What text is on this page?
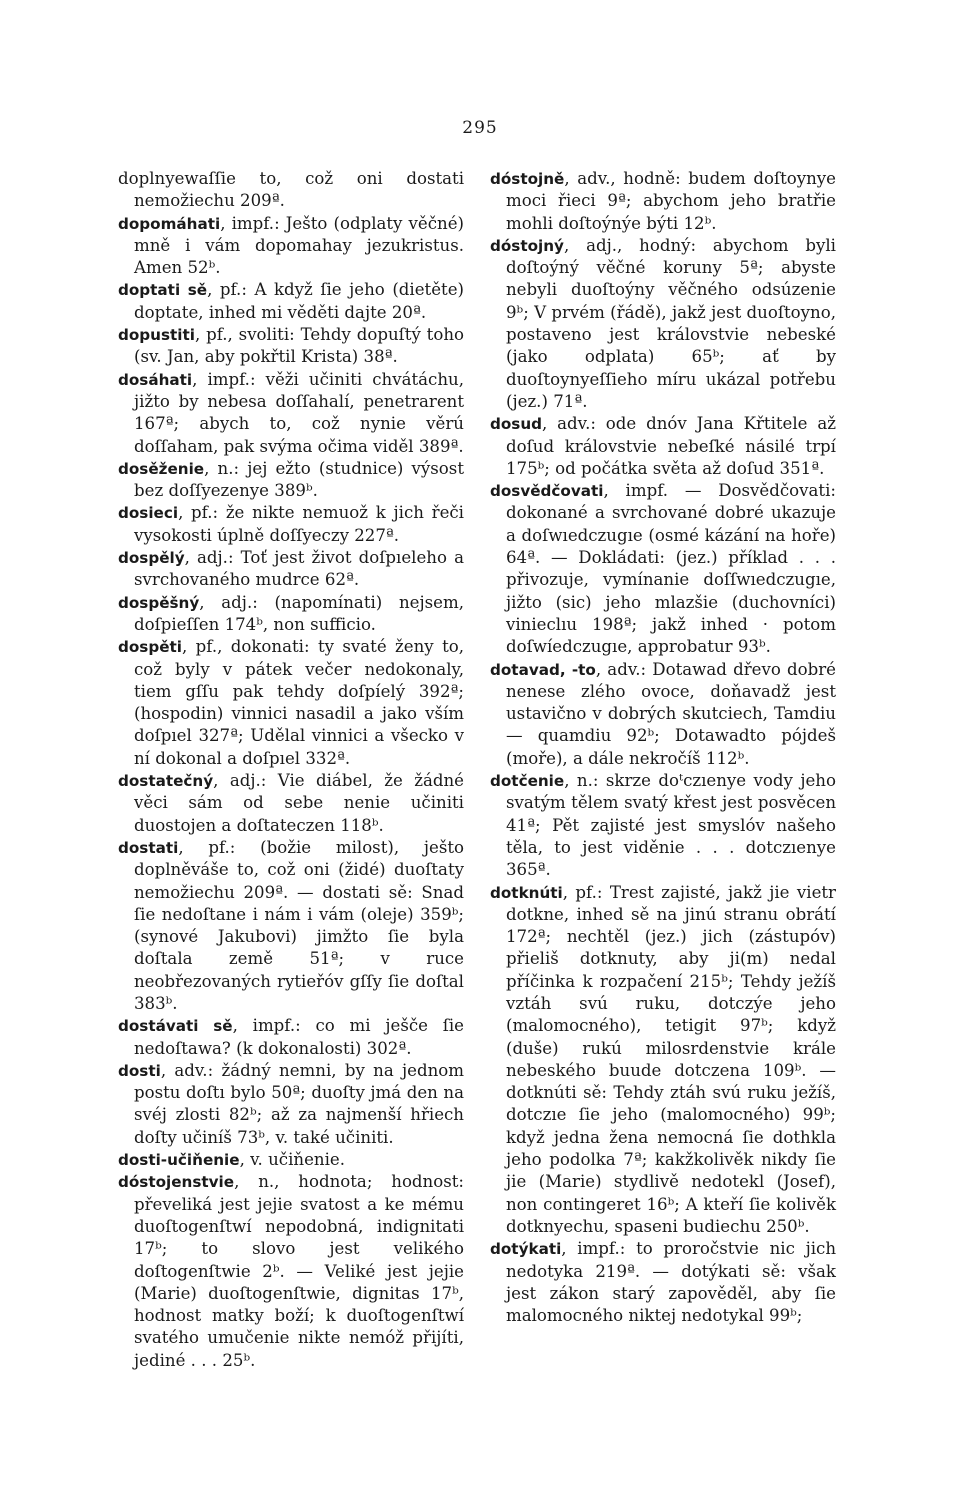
295

doplnyewaſſie to, což oni dostati nemožiechu 209ª.

dopomáhati, impf.: Ještо (odplaty věčné) mně i vám dopomahay jezukristus. Amen 52ᵇ.

doptati sě, pf.: A když ſie jeho (dietěte) doptate, inhed mi věděti dajte 20ª.

dopustiti, pf., svoliti: Tehdy dopuſtý toho (sv. Jan, aby pokřtil Krista) 38ª.

dosáhati, impf.: věži učiniti chvátáchu, jižto by nebesa doſſahalí, penetrarent 167ª; abych to, což nynie věrú doſſaham, pak svýma očima viděl 389ª.

dosěženie, n.: jej ežto (studnice) výsost bez doſſyezenye 389ᵇ.

dosieci, pf.: že nikte nemuož k jich řeči vysokosti úplně doſſyeczy 227ª.

dospělý, adj.: Toť jest život doſpıeleho a svrchovaného mudrce 62ª.

dospěšný, adj.: (napomínati) nejsem, doſpieſſen 174ᵇ, non sufficio.

dospěti, pf., dokonati: ty svaté ženy to, což byly v pátek večer nedokonaly, tiem gſſu pak tehdy doſpíelý 392ª; (hospodin) vinnici nasadil a jako vším doſpıel 327ª; Udělal vinnici a všecko v ní dokonal a doſpıel 332ª.

dostatečný, adj.: Vie diábel, že žádné věci sám od sebe nenie učiniti duostojen a doſtateczen 118ᵇ.

dostati, pf.: (božie milost), ješto doplněváše to, což oni (židé) duoſtaty nemožiechu 209ª. — dostati sě: Snad ſie nedoſtane i nám i vám (oleje) 359ᵇ; (synové Jakubovi) jimžto ſie byla doſtala země 51ª; v ruce neobřezovaných rytieřóv gſſy ſie doſtal 383ᵇ.

dostávati sě, impf.: co mi ješče ſie nedoſtawa? (k dokonalosti) 302ª.

dosti, adv.: žádný nemni, by na jednom postu doſtı bylo 50ª; duoſty jmá den na svéj zlosti 82ᵇ; až za najmenší hřiech doſty učiníš 73ᵇ, v. také učiniti.

dosti-učiňenie, v. učiňenie.

dóstojenstvie, n., hodnota; hodnost: převeliká jest jejie svatost a ke mému duoſtogenſtwí nepodobná, indignitati 17ᵇ; to slovo jest velikého doſtogenſtwie 2ᵇ. — Veliké jest jejie (Marie) duoſtogenſtwie, dignitas 17ᵇ, hodnost matky boží; k duoſtogenſtwí svatého umučenie nikte nemóž přijíti, jediné . . . 25ᵇ.

dóstojně, adv., hodně: budem doſtoynye moci řieci 9ª; abychom jeho bratřie mohli doſtoýnýe býti 12ᵇ.

dóstojný, adj., hodný: abychom byli doſtoýný věčné koruny 5ª; abyste nebyli duoſtoýny věčného odsúzenie 9ᵇ; V prvém (řádě), jakž jest duoſtoyno, postaveno jest královstvie nebeské (jako odplata) 65ᵇ; ať by duoſtoynyeſſieho míru ukázal potřebu (jez.) 71ª.

dosud, adv.: ode dnóv Jana Křtitele až doſud královstvie nebeſké násilé trpí 175ᵇ; od počátka světa až doſud 351ª.

dosvědčovati, impf. — Dosvědčovati: dokonané a svrchované dobré ukazuje a doſwıedczugıe (osmé kázání na hoře) 64ª. — Dokládati: (jez.) příklad . . . přivozuje, vymínanie doſſwıedczugıe, jižto (sic) jeho mlazšie (duchovníci) vinieclıu 198ª; jakž inhed · potom doſwíedczugıe, approbatur 93ᵇ.

dotavad, -to, adv.: Dotawad dřevo dobré nenese zlého ovoce, doňavadž jest ustavičnо v dobrých skutciech, Tamdiu — quamdiu 92ᵇ; Dotawadto pójdeš (moře), a dále nekročíš 112ᵇ.

dotčenie, n.: skrze doᵗczıenye vody jeho svatým tělem svatý křest jest posvěcen 41ª; Pět zajisté jest smyslóv našeho těla, to jest viděnie . . . dotczıenye 365ª.

dotknúti, pf.: Trest zajisté, jakž jie vietr dotkne, inhed sě na jinú stranu obrátí 172ª; nechtěl (jez.) jich (zástupóv) přieliš dotknuty, aby ji(m) nedal příčinka k rozpačení 215ᵇ; Tehdy ježíš vztáh svú ruku, dotczýe jeho (malomocného), tetigit 97ᵇ; když (duše) rukú milosrdenstvie krále nebeského buude dotczena 109ᵇ. — dotknúti sě: Tehdy ztáh svú ruku ježíš, dotczıe ſie jeho (malomocného) 99ᵇ; když jedna žena nemocná ſie dothkla jeho podolka 7ª; kakžkolivěk nikdy ſie jie (Marie) stydlivě nedotekl (Josef), non contingeret 16ᵇ; A kteří ſie kolivěk dotknyechu, spaseni budiechu 250ᵇ.

dotýkati, impf.: to proročstvie nic jich nedotyka 219ª. — dotýkati sě: však jest zákon starý zapověděl, aby ſie malomocného niktej nedotykal 99ᵇ;
